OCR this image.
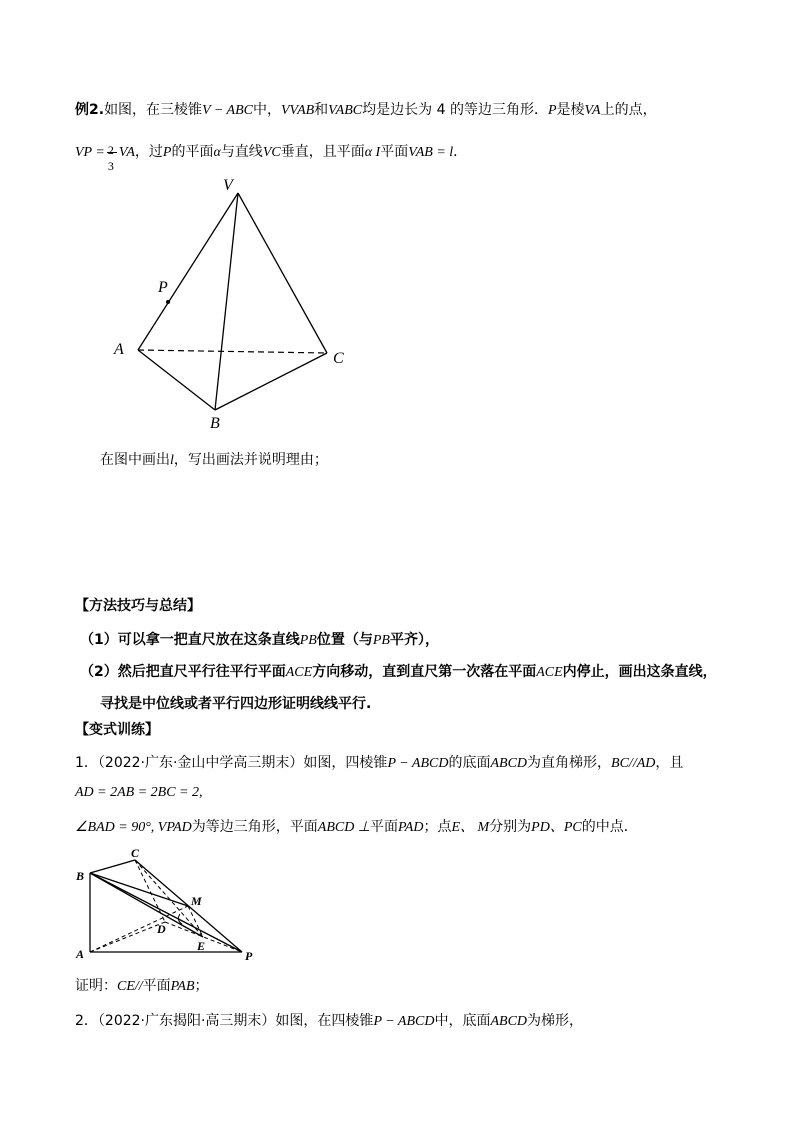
例2.如图，在三棱锥V − ABC中，VVAB和VABC均是边长为 4 的等边三角形．P是棱VA上的点，
VP = 2
3
VA，过P的平面α与直线VC垂直，且平面α I平面VAB = l．
V
P
A
C
B
B
C
M
D
E
A	P
在图中画出l，写出画法并说明理由；
【方法技巧与总结】
（1）可以拿一把直尺放在这条直线PB位置（与PB平齐），
（2）然后把直尺平行往平行平面ACE方向移动，直到直尺第一次落在平面ACE内停止，画出这条直线，
寻找是中位线或者平行四边形证明线线平行.
【变式训练】
1．（2022·广东·金山中学高三期末）如图，四棱锥P − ABCD的底面ABCD为直角梯形，BC//AD，且
AD = 2AB = 2BC = 2,
∠BAD = 90°, VPAD为等边三角形，平面ABCD ⊥平面PAD；点E、 M分别为PD、PC的中点．
证明：CE//平面PAB；
2．（2022·广东揭阳·高三期末）如图，在四棱锥P − ABCD中，底面ABCD为梯形，
